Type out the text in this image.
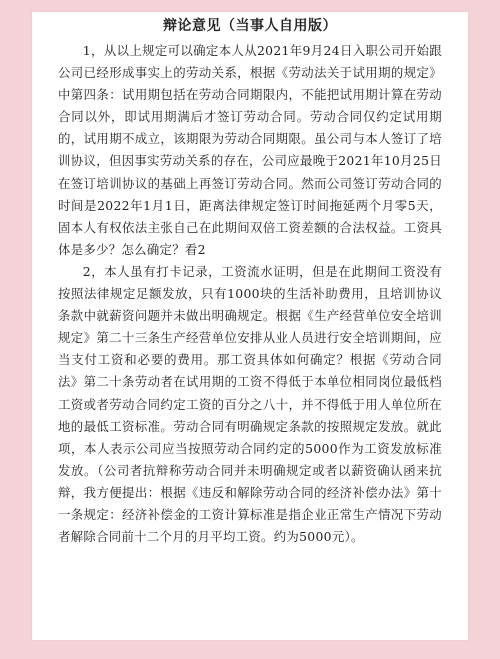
辩论意见（当事人自用版）

1，从以上规定可以确定本人从2021年9月24日入职公司开始跟公司已经形成事实上的劳动关系，根据《劳动法关于试用期的规定》中第四条：试用期包括在劳动合同期限内，不能把试用期计算在劳动合同以外，即试用期满后才签订劳动合同。劳动合同仅约定试用期的，试用期不成立，该期限为劳动合同期限。虽公司与本人签订了培训协议，但因事实劳动关系的存在，公司应最晚于2021年10月25日在签订培训协议的基础上再签订劳动合同。然而公司签订劳动合同的时间是2022年1月1日，距离法律规定签订时间拖延两个月零5天，固本人有权依法主张自己在此期间双倍工资差额的合法权益。工资具体是多少？怎么确定？看2

2，本人虽有打卡记录，工资流水证明，但是在此期间工资没有按照法律规定足额发放，只有1000块的生活补助费用，且培训协议条款中就薪资问题并未做出明确规定。根据《生产经营单位安全培训规定》第二十三条生产经营单位安排从业人员进行安全培训期间，应当支付工资和必要的费用。那工资具体如何确定？根据《劳动合同法》第二十条劳动者在试用期的工资不得低于本单位相同岗位最低档工资或者劳动合同约定工资的百分之八十，并不得低于用人单位所在地的最低工资标准。劳动合同有明确规定条款的按照规定发放。就此项，本人表示公司应当按照劳动合同约定的5000作为工资发放标准发放。（公司者抗辩称劳动合同并未明确规定或者以薪资确认函来抗辩，我方便提出：根据《违反和解除劳动合同的经济补偿办法》第十一条规定：经济补偿金的工资计算标准是指企业正常生产情况下劳动者解除合同前十二个月的月平均工资。约为5000元）。
